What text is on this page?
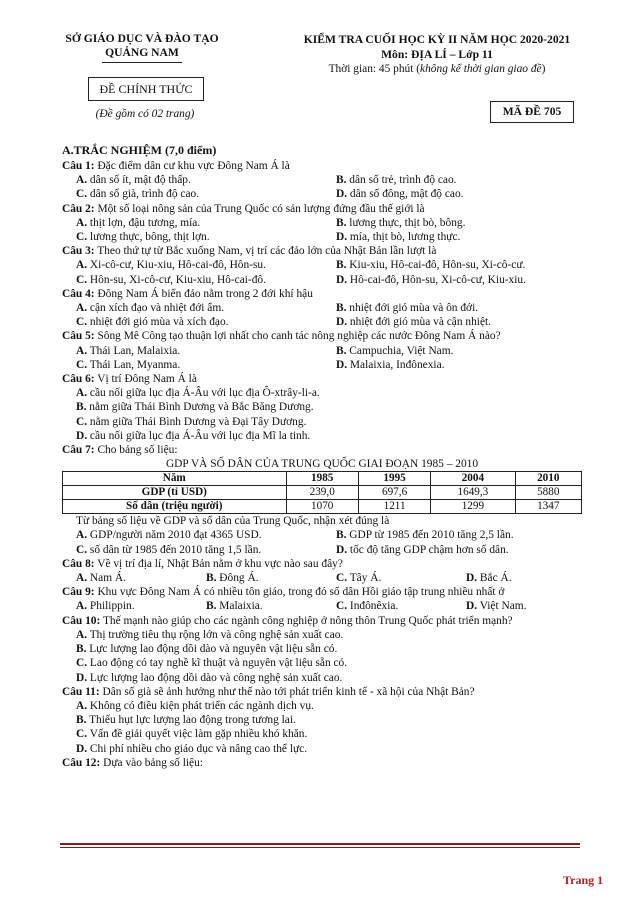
SỞ GIÁO DỤC VÀ ĐÀO TẠO
QUẢNG NAM
KIỂM TRA CUỐI HỌC KỲ II NĂM HỌC 2020-2021
Môn: ĐỊA LÍ – Lớp 11
Thời gian: 45 phút (không kể thời gian giao đề)
ĐỀ CHÍNH THỨC
(Đề gồm có 02 trang)	MÃ ĐỀ 705
A.TRẮC NGHIỆM (7,0 điểm)
Câu 1: Đặc điểm dân cư khu vực Đông Nam Á là
A. dân số ít, mật độ thấp.	B. dân số trẻ, trình độ cao.
C. dân số già, trình độ cao.	D. dân số đông, mật độ cao.
Câu 2: Một số loại nông sản của Trung Quốc có sản lượng đứng đầu thế giới là
A. thịt lợn, đậu tương, mía.	B. lương thực, thịt bò, bông.
C. lương thực, bông, thịt lợn.	D. mía, thịt bò, lương thực.
Câu 3: Theo thứ tự từ Bắc xuống Nam, vị trí các đảo lớn của Nhật Bản lần lượt là
A. Xi-cô-cư, Kiu-xiu, Hô-cai-đô, Hôn-su.	B. Kiu-xiu, Hô-cai-đô, Hôn-su, Xi-cô-cư.
C. Hôn-su, Xi-cô-cư, Kiu-xiu, Hô-cai-đô.	D. Hô-cai-đô, Hôn-su, Xi-cô-cư, Kiu-xiu.
Câu 4: Đông Nam Á biển đảo nằm trong 2 đới khí hậu
A. cận xích đạo và nhiệt đới ẩm.	B. nhiệt đới gió mùa và ôn đới.
C. nhiệt đới gió mùa và xích đạo.	D. nhiệt đới gió mùa và cận nhiệt.
Câu 5: Sông Mê Công tạo thuận lợi nhất cho canh tác nông nghiệp các nước Đông Nam Á nào?
A. Thái Lan, Malaixia.	B. Campuchia, Việt Nam.
C. Thái Lan, Myanma.	D. Malaixia, Inđônexia.
Câu 6: Vị trí Đông Nam Á là
A. cầu nối giữa lục địa Á-Âu với lục địa Ô-xtrây-li-a.
B. nằm giữa Thái Bình Dương và Bắc Băng Dương.
C. nằm giữa Thái Bình Dương và Đại Tây Dương.
D. cầu nối giữa lục địa Á-Âu với lục địa Mĩ la tinh.
Câu 7: Cho bảng số liệu:
GDP VÀ SỐ DÂN CỦA TRUNG QUỐC GIAI ĐOẠN 1985 – 2010
Năm	1985	1995	2004	2010
GDP (tỉ USD)	239,0	697,6	1649,3	5880
Số dân (triệu người)	1070	1211	1299	1347
Từ bảng số liệu về GDP và số dân của Trung Quốc, nhận xét đúng là
A. GDP/người năm 2010 đạt 4365 USD.	B. GDP từ 1985 đến 2010 tăng 2,5 lần.
C. số dân từ 1985 đến 2010 tăng 1,5 lần.	D. tốc độ tăng GDP chậm hơn số dân.
Câu 8: Về vị trí địa lí, Nhật Bản nằm ở khu vực nào sau đây?
A. Nam Á.	B. Đông Á.	C. Tây Á.	D. Bắc Á.
Câu 9: Khu vực Đông Nam Á có nhiều tôn giáo, trong đó số dân Hồi giáo tập trung nhiều nhất ở
A. Philippin.	B. Malaixia.	C. Inđônêxia.	D. Việt Nam.
Câu 10: Thế mạnh nào giúp cho các ngành công nghiệp ở nông thôn Trung Quốc phát triển mạnh?
A. Thị trường tiêu thụ rộng lớn và công nghệ sản xuất cao.
B. Lực lượng lao động dồi dào và nguyên vật liệu sẵn có.
C. Lao động có tay nghề kĩ thuật và nguyên vật liệu sẵn có.
D. Lực lượng lao động dồi dào và công nghệ sản xuất cao.
Câu 11: Dân số già sẽ ảnh hưởng như thế nào tới phát triển kinh tế - xã hội của Nhật Bản?
A. Không có điều kiện phát triển các ngành dịch vụ.
B. Thiếu hụt lực lượng lao động trong tương lai.
C. Vấn đề giải quyết việc làm gặp nhiều khó khăn.
D. Chi phí nhiều cho giáo dục và nâng cao thể lực.
Câu 12: Dựa vào bảng số liệu:
Trang 1
